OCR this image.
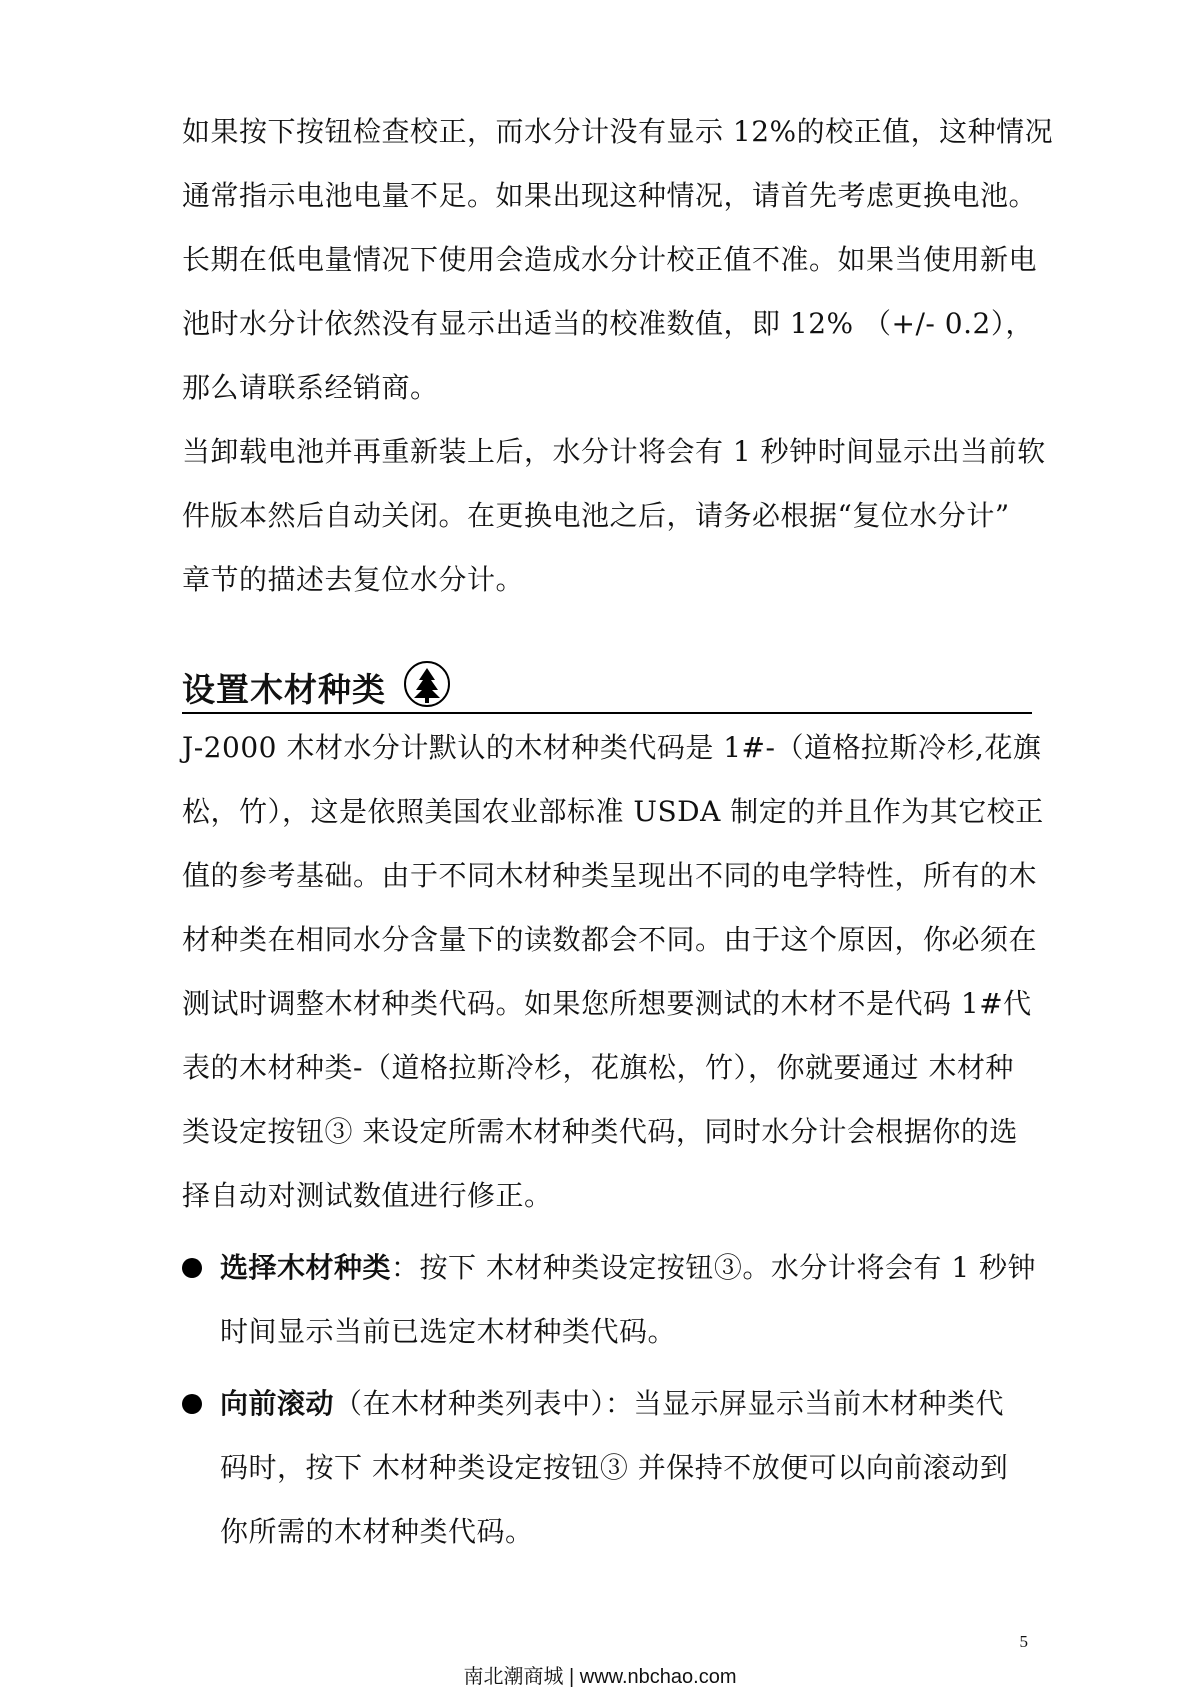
如果按下按钮检查校正，而水分计没有显示 12%的校正值，这种情况
通常指示电池电量不足。如果出现这种情况，请首先考虑更换电池。
长期在低电量情况下使用会造成水分计校正值不准。如果当使用新电
池时水分计依然没有显示出适当的校准数值，即 12% （+/- 0.2），
那么请联系经销商。
当卸载电池并再重新装上后，水分计将会有 1 秒钟时间显示出当前软
件版本然后自动关闭。在更换电池之后，请务必根据“复位水分计”
章节的描述去复位水分计。
设置木材种类
J-2000 木材水分计默认的木材种类代码是 1#-（道格拉斯冷杉,花旗
松，竹），这是依照美国农业部标准 USDA 制定的并且作为其它校正
值的参考基础。由于不同木材种类呈现出不同的电学特性，所有的木
材种类在相同水分含量下的读数都会不同。由于这个原因，你必须在
测试时调整木材种类代码。如果您所想要测试的木材不是代码 1#代
表的木材种类-（道格拉斯冷杉，花旗松，竹），你就要通过 木材种
类设定按钮③ 来设定所需木材种类代码，同时水分计会根据你的选
择自动对测试数值进行修正。
选择木材种类：按下 木材种类设定按钮③。水分计将会有 1 秒钟
时间显示当前已选定木材种类代码。
向前滚动（在木材种类列表中）：当显示屏显示当前木材种类代
码时，按下 木材种类设定按钮③ 并保持不放便可以向前滚动到
你所需的木材种类代码。
5
南北潮商城 | www.nbchao.com
